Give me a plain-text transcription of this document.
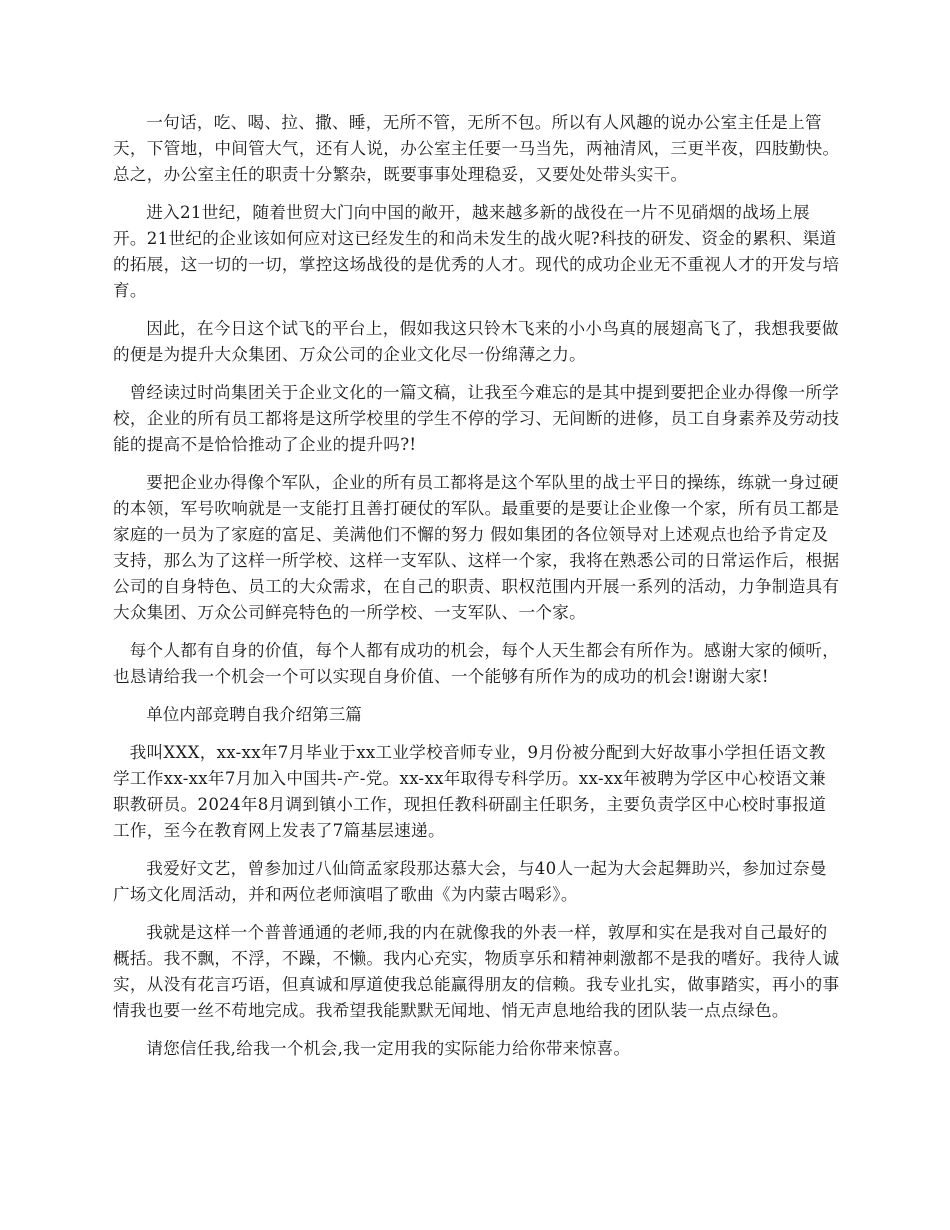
一句话，吃、喝、拉、撒、睡，无所不管，无所不包。所以有人风趣的说办公室主任是上管天，下管地，中间管大气，还有人说，办公室主任要一马当先，两袖清风，三更半夜，四肢勤快。总之，办公室主任的职责十分繁杂，既要事事处理稳妥，又要处处带头实干。

进入21世纪，随着世贸大门向中国的敞开，越来越多新的战役在一片不见硝烟的战场上展开。21世纪的企业该如何应对这已经发生的和尚未发生的战火呢?科技的研发、资金的累积、渠道的拓展，这一切的一切，掌控这场战役的是优秀的人才。现代的成功企业无不重视人才的开发与培育。

因此，在今日这个试飞的平台上，假如我这只铃木飞来的小小鸟真的展翅高飞了，我想我要做的便是为提升大众集团、万众公司的企业文化尽一份绵薄之力。

曾经读过时尚集团关于企业文化的一篇文稿，让我至今难忘的是其中提到要把企业办得像一所学校，企业的所有员工都将是这所学校里的学生不停的学习、无间断的进修，员工自身素养及劳动技能的提高不是恰恰推动了企业的提升吗?!

要把企业办得像个军队，企业的所有员工都将是这个军队里的战士平日的操练，练就一身过硬的本领，军号吹响就是一支能打且善打硬仗的军队。最重要的是要让企业像一个家，所有员工都是家庭的一员为了家庭的富足、美满他们不懈的努力 假如集团的各位领导对上述观点也给予肯定及支持，那么为了这样一所学校、这样一支军队、这样一个家，我将在熟悉公司的日常运作后，根据公司的自身特色、员工的大众需求，在自己的职责、职权范围内开展一系列的活动，力争制造具有大众集团、万众公司鲜亮特色的一所学校、一支军队、一个家。

每个人都有自身的价值，每个人都有成功的机会，每个人天生都会有所作为。感谢大家的倾听，也恳请给我一个机会一个可以实现自身价值、一个能够有所作为的成功的机会!谢谢大家!

单位内部竞聘自我介绍第三篇

我叫XXX，xx-xx年7月毕业于xx工业学校音师专业，9月份被分配到大好故事小学担任语文教学工作xx-xx年7月加入中国共-产-党。xx-xx年取得专科学历。xx-xx年被聘为学区中心校语文兼职教研员。2024年8月调到镇小工作，现担任教科研副主任职务，主要负责学区中心校时事报道工作，至今在教育网上发表了7篇基层速递。

我爱好文艺，曾参加过八仙筒孟家段那达慕大会，与40人一起为大会起舞助兴，参加过奈曼广场文化周活动，并和两位老师演唱了歌曲《为内蒙古喝彩》。

我就是这样一个普普通通的老师,我的内在就像我的外表一样，敦厚和实在是我对自己最好的概括。我不飘，不浮，不躁，不懒。我内心充实，物质享乐和精神刺激都不是我的嗜好。我待人诚实，从没有花言巧语，但真诚和厚道使我总能赢得朋友的信赖。我专业扎实，做事踏实，再小的事情我也要一丝不苟地完成。我希望我能默默无闻地、悄无声息地给我的团队装一点点绿色。

请您信任我,给我一个机会,我一定用我的实际能力给你带来惊喜。
